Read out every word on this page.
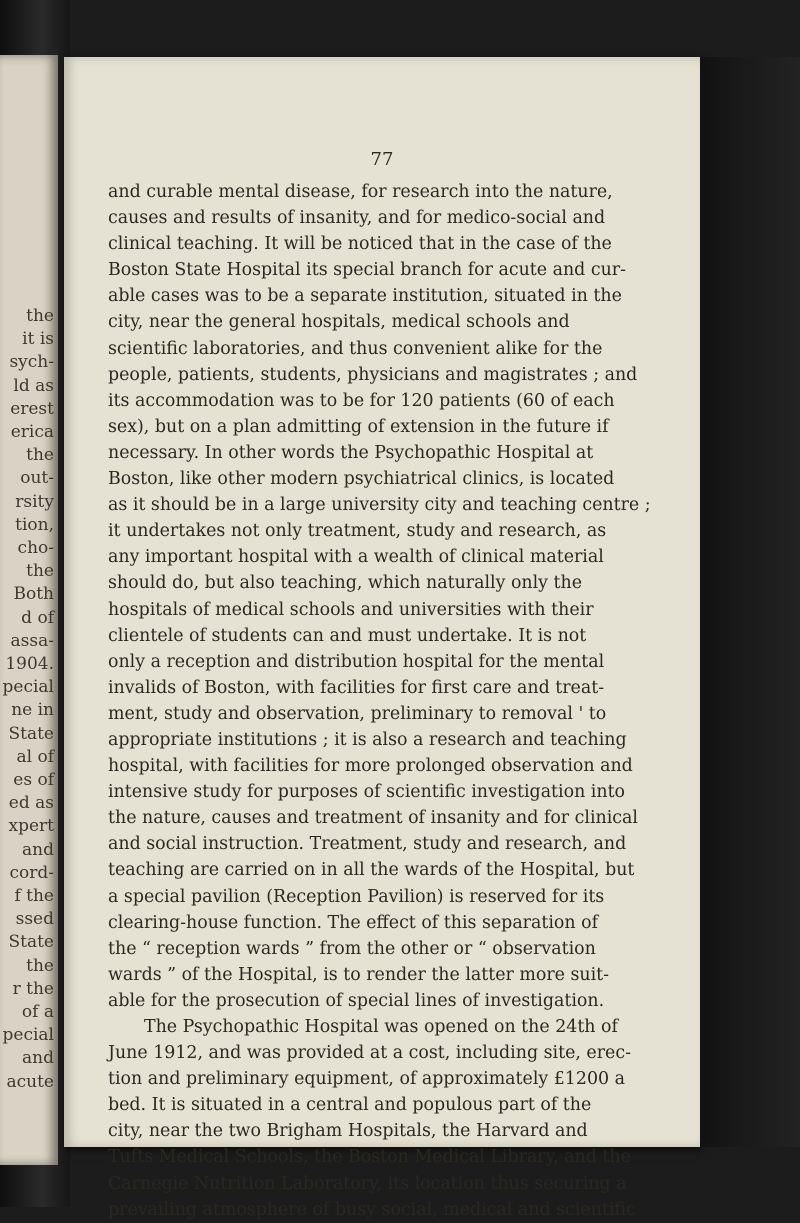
the
it is
sych-
ld as
erest
erica
the
out-
rsity
tion,
cho-
the
Both
d of
assa-
1904.
pecial
ne in
State
al of
es of
ed as
xpert
and
cord-
f the
ssed
State
the
r the
of a
pecial
and
acute
77

and curable mental disease, for research into the nature,
causes and results of insanity, and for medico-social and
clinical teaching. It will be noticed that in the case of the
Boston State Hospital its special branch for acute and cur-
able cases was to be a separate institution, situated in the
city, near the general hospitals, medical schools and
scientific laboratories, and thus convenient alike for the
people, patients, students, physicians and magistrates ; and
its accommodation was to be for 120 patients (60 of each
sex), but on a plan admitting of extension in the future if
necessary. In other words the Psychopathic Hospital at
Boston, like other modern psychiatrical clinics, is located
as it should be in a large university city and teaching centre ;
it undertakes not only treatment, study and research, as
any important hospital with a wealth of clinical material
should do, but also teaching, which naturally only the
hospitals of medical schools and universities with their
clientele of students can and must undertake. It is not
only a reception and distribution hospital for the mental
invalids of Boston, with facilities for first care and treat-
ment, study and observation, preliminary to removal ' to
appropriate institutions ; it is also a research and teaching
hospital, with facilities for more prolonged observation and
intensive study for purposes of scientific investigation into
the nature, causes and treatment of insanity and for clinical
and social instruction. Treatment, study and research, and
teaching are carried on in all the wards of the Hospital, but
a special pavilion (Reception Pavilion) is reserved for its
clearing-house function. The effect of this separation of
the “ reception wards ” from the other or “ observation
wards ” of the Hospital, is to render the latter more suit-
able for the prosecution of special lines of investigation.

The Psychopathic Hospital was opened on the 24th of
June 1912, and was provided at a cost, including site, erec-
tion and preliminary equipment, of approximately £1200 a
bed. It is situated in a central and populous part of the
city, near the two Brigham Hospitals, the Harvard and
Tufts Medical Schools, the Boston Medical Library, and the
Carnegie Nutrition Laboratory, its location thus securing a
prevailing atmosphere of busy social, medical and scientific
